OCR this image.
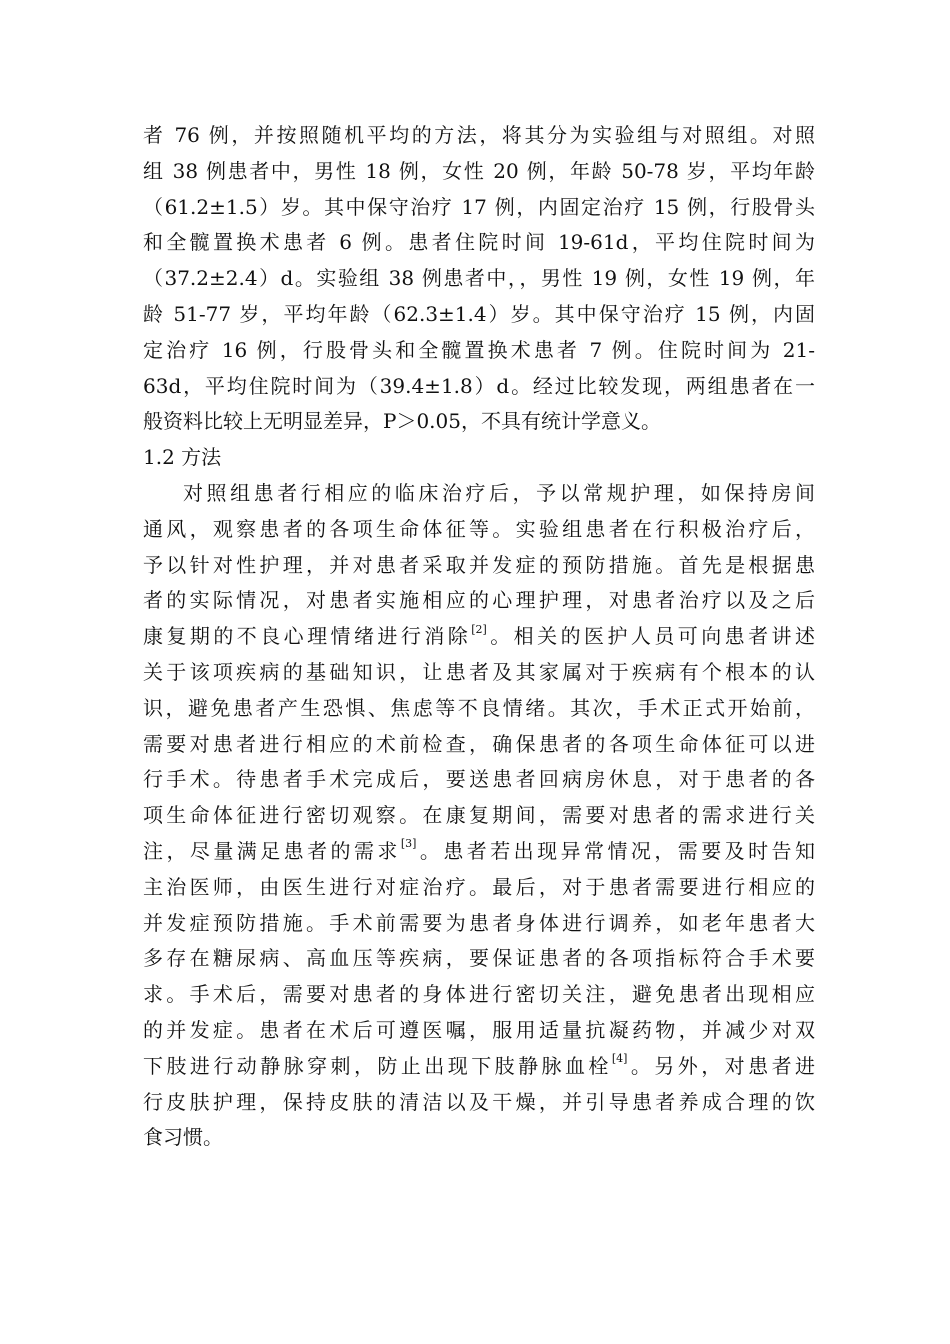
者 76 例，并按照随机平均的方法，将其分为实验组与对照组。对照
组 38 例患者中，男性 18 例，女性 20 例，年龄 50-78 岁，平均年龄
（61.2±1.5）岁。其中保守治疗 17 例，内固定治疗 15 例，行股骨头
和全髋置换术患者 6 例。患者住院时间 19-61d，平均住院时间为
（37.2±2.4）d。实验组 38 例患者中，，男性 19 例，女性 19 例，年
龄 51-77 岁，平均年龄（62.3±1.4）岁。其中保守治疗 15 例，内固
定治疗 16 例，行股骨头和全髋置换术患者 7 例。住院时间为 21-
63d，平均住院时间为（39.4±1.8）d。经过比较发现，两组患者在一
般资料比较上无明显差异，P＞0.05，不具有统计学意义。
1.2 方法
对照组患者行相应的临床治疗后，予以常规护理，如保持房间
通风，观察患者的各项生命体征等。实验组患者在行积极治疗后，
予以针对性护理，并对患者采取并发症的预防措施。首先是根据患
者的实际情况，对患者实施相应的心理护理，对患者治疗以及之后
康复期的不良心理情绪进行消除[2]。相关的医护人员可向患者讲述
关于该项疾病的基础知识，让患者及其家属对于疾病有个根本的认
识，避免患者产生恐惧、焦虑等不良情绪。其次，手术正式开始前，
需要对患者进行相应的术前检查，确保患者的各项生命体征可以进
行手术。待患者手术完成后，要送患者回病房休息，对于患者的各
项生命体征进行密切观察。在康复期间，需要对患者的需求进行关
注，尽量满足患者的需求[3]。患者若出现异常情况，需要及时告知
主治医师，由医生进行对症治疗。最后，对于患者需要进行相应的
并发症预防措施。手术前需要为患者身体进行调养，如老年患者大
多存在糖尿病、高血压等疾病，要保证患者的各项指标符合手术要
求。手术后，需要对患者的身体进行密切关注，避免患者出现相应
的并发症。患者在术后可遵医嘱，服用适量抗凝药物，并减少对双
下肢进行动静脉穿刺，防止出现下肢静脉血栓[4]。另外，对患者进
行皮肤护理，保持皮肤的清洁以及干燥，并引导患者养成合理的饮
食习惯。
